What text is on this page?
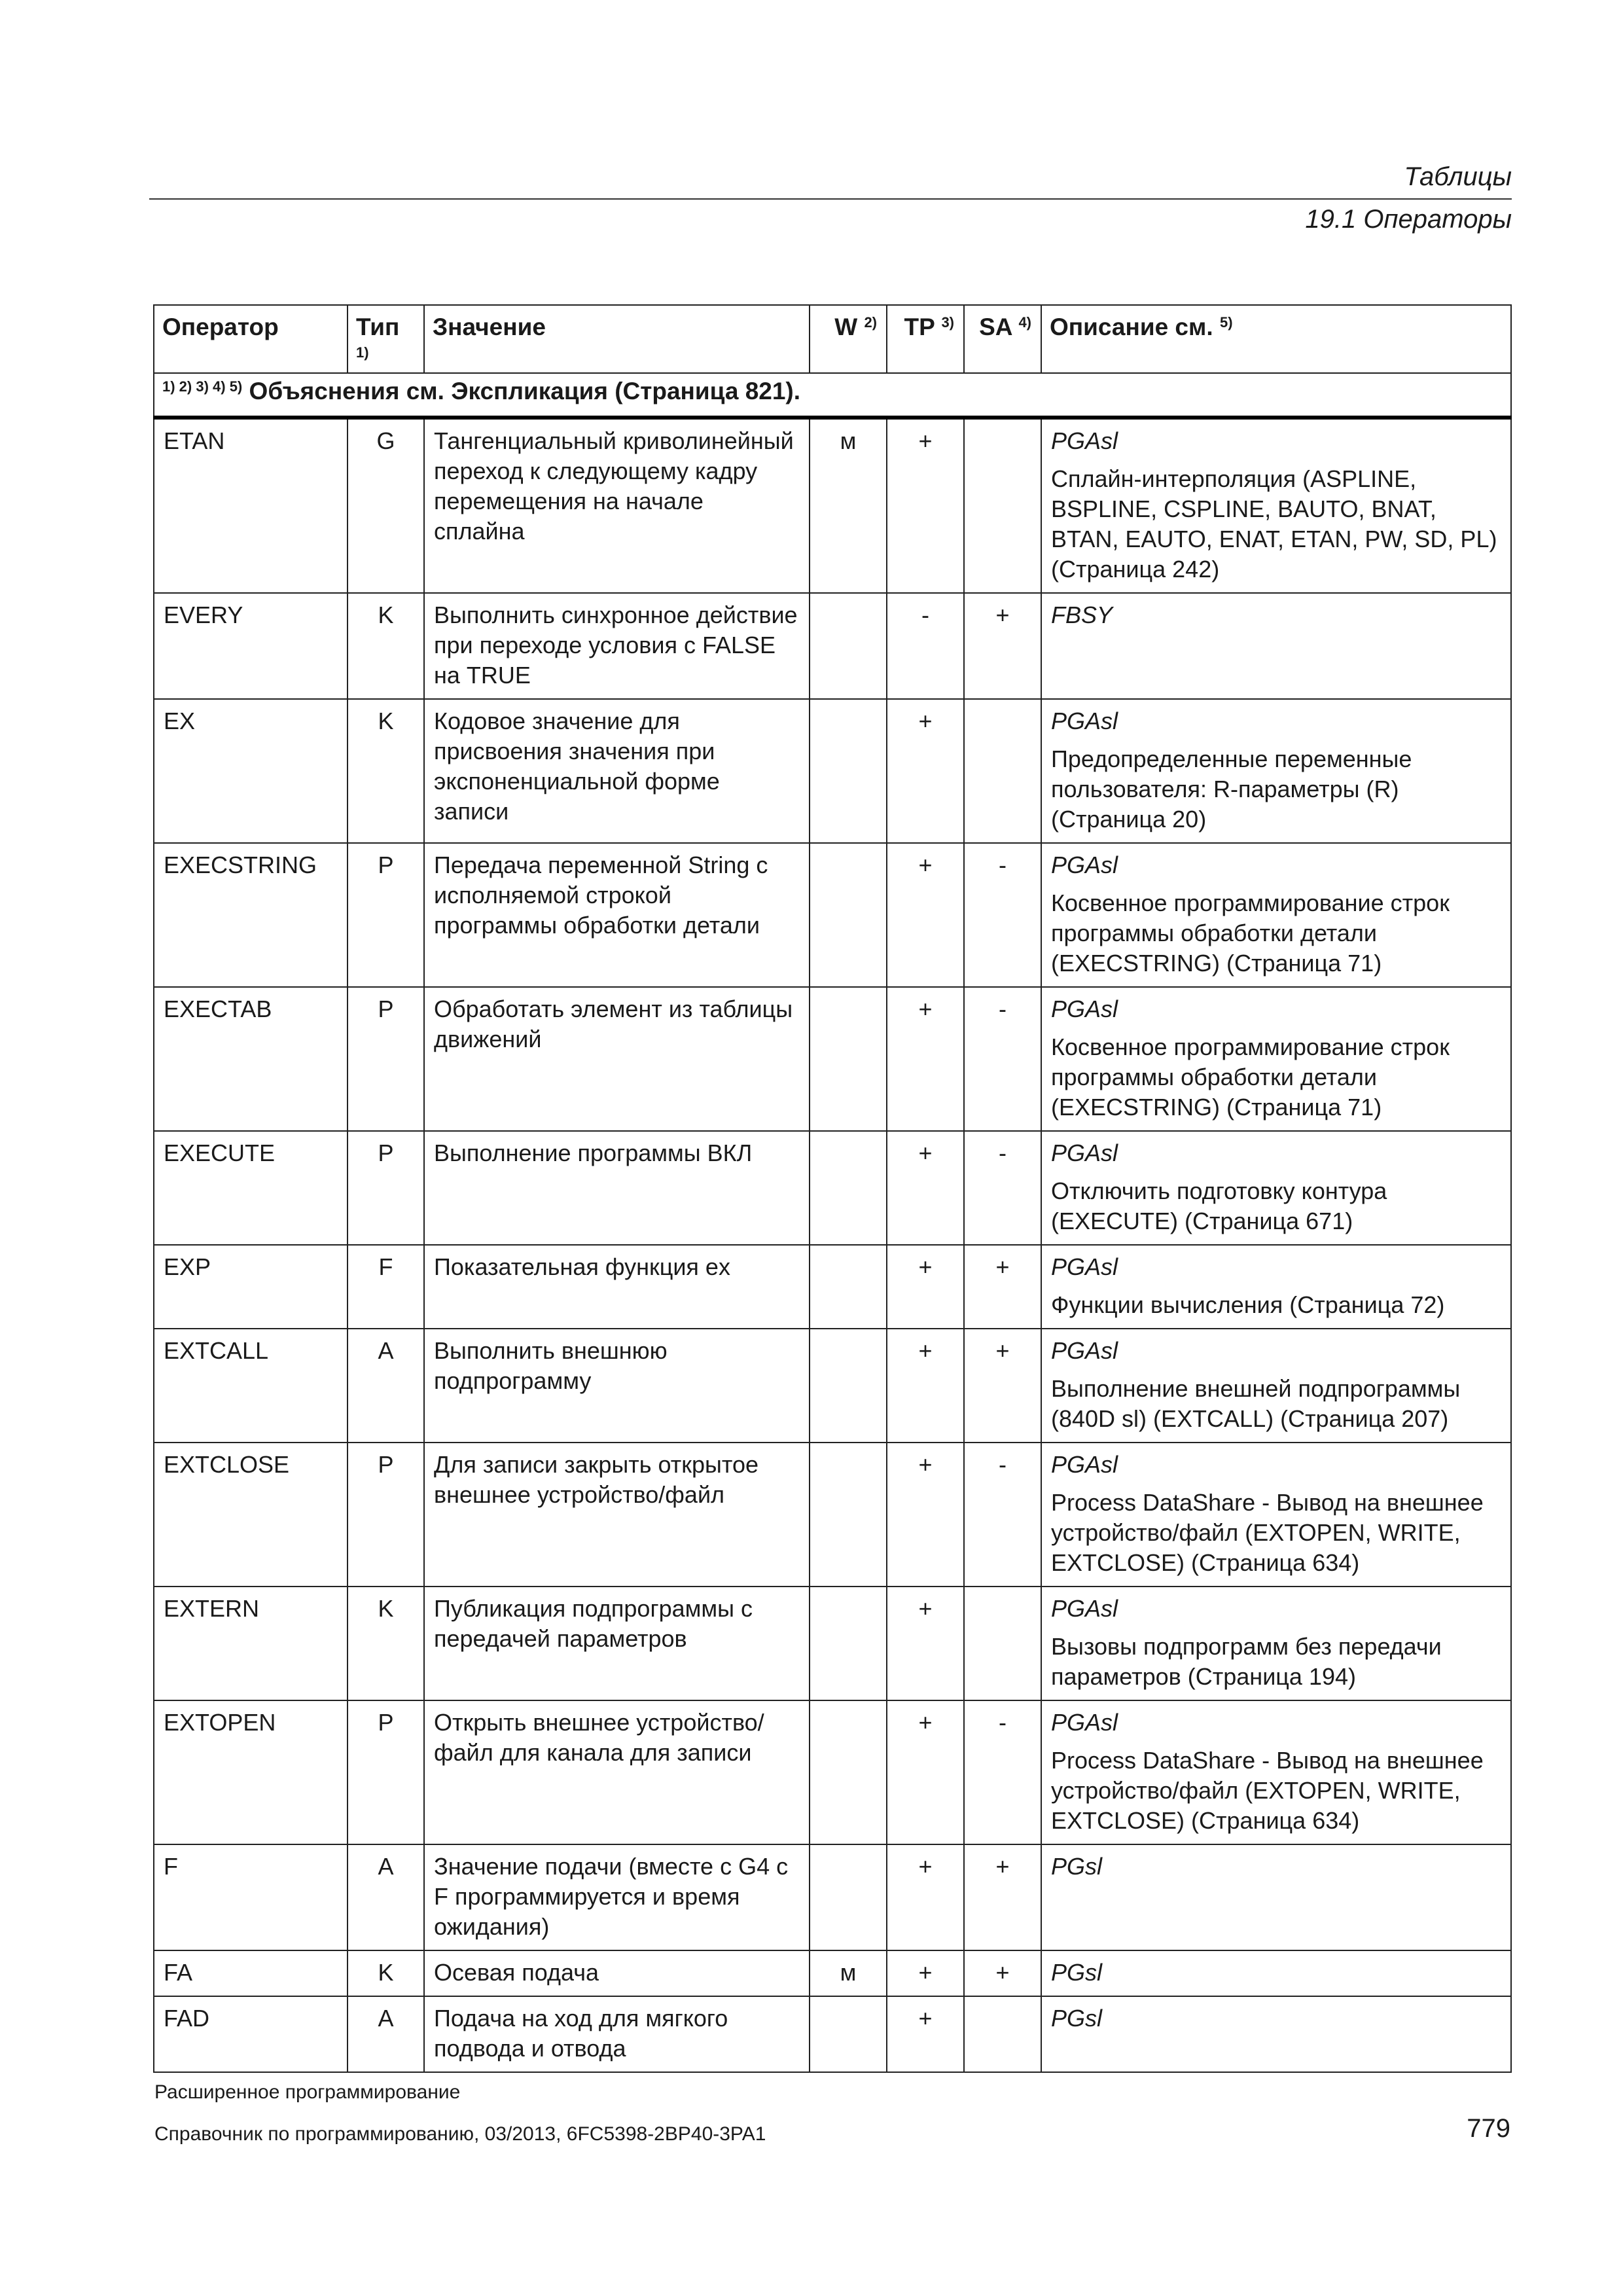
Таблицы
19.1 Операторы
Оператор	Тип $^{1)}$	Значение	W $^{2)}$	TP $^{3)}$	SA $^{4)}$	Описание см. $^{5)}$
$^{1) 2) 3) 4) 5)}$ Объяснения см. Экспликация (Страница 821).						
ETAN	G	Тангенциальный криволинейный переход к следующему кадру перемещения на начале сплайна	м	+		PGAsl
Сплайн-интерполяция (ASPLINE, BSPLINE, CSPLINE, BAUTO, BNAT, BTAN, EAUTO, ENAT, ETAN, PW, SD, PL) (Страница 242)

EVERY	K	Выполнить синхронное действие при переходе условия с FALSE на TRUE		-	+	FBSY

EX	K	Кодовое значение для присвоения значения при экспоненциальной форме записи		+		PGAsl
Предопределенные переменные пользователя: R-параметры (R) (Страница 20)

EXECSTRING	P	Передача переменной String с исполняемой строкой программы обработки детали		+	-	PGAsl
Косвенное программирование строк программы обработки детали (EXECSTRING) (Страница 71)

EXECTAB	P	Обработать элемент из таблицы движений		+	-	PGAsl
Косвенное программирование строк программы обработки детали (EXECSTRING) (Страница 71)

EXECUTE	P	Выполнение программы ВКЛ		+	-	PGAsl
Отключить подготовку контура (EXECUTE) (Страница 671)

EXP	F	Показательная функция ex		+	+	PGAsl
Функции вычисления (Страница 72)

EXTCALL	A	Выполнить внешнюю подпрограмму		+	+	PGAsl
Выполнение внешней подпрограммы (840D sl) (EXTCALL) (Страница 207)

EXTCLOSE	P	Для записи закрыть открытое внешнее устройство/файл		+	-	PGAsl
Process DataShare - Вывод на внешнее устройство/файл (EXTOPEN, WRITE, EXTCLOSE) (Страница 634)

EXTERN	K	Публикация подпрограммы с передачей параметров		+		PGAsl
Вызовы подпрограмм без передачи параметров (Страница 194)

EXTOPEN	P	Открыть внешнее устройство/файл для канала для записи		+	-	PGAsl
Process DataShare - Вывод на внешнее устройство/файл (EXTOPEN, WRITE, EXTCLOSE) (Страница 634)

F	A	Значение подачи (вместе с G4 с F программируется и время ожидания)		+	+	PGsl

FA	K	Осевая подача	м	+	+	PGsl

FAD	A	Подача на ход для мягкого подвода и отвода		+		PGsl
Расширенное программирование
Справочник по программированию, 03/2013, 6FC5398-2BP40-3PA1	779
